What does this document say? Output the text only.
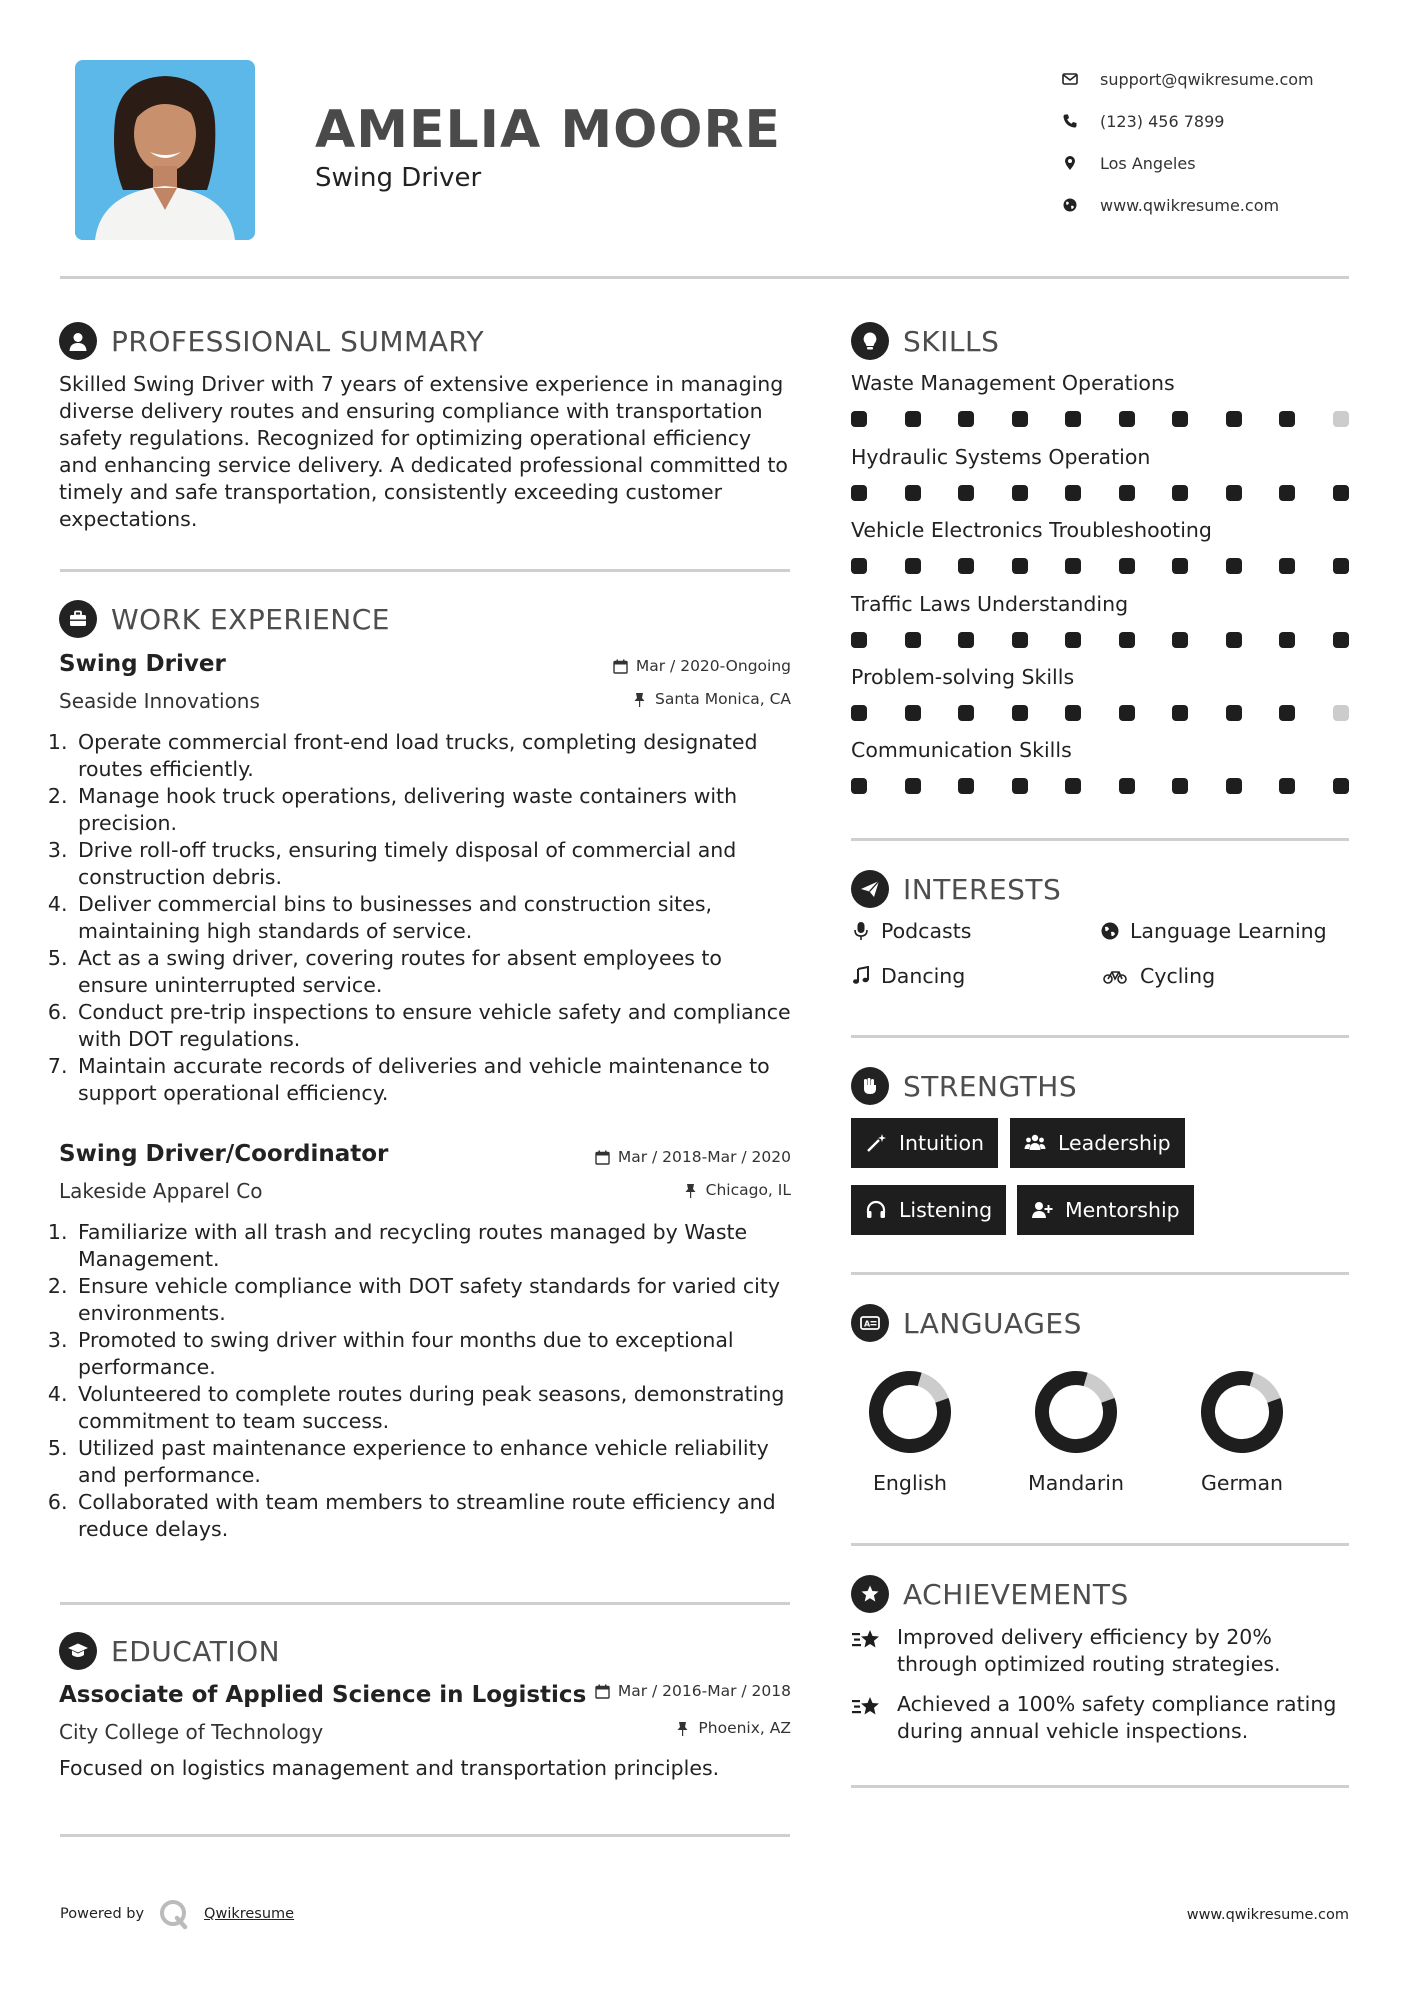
AMELIA MOORE
Swing Driver
support@qwikresume.com
(123) 456 7899
Los Angeles
www.qwikresume.com
PROFESSIONAL SUMMARY
Skilled Swing Driver with 7 years of extensive experience in managing diverse delivery routes and ensuring compliance with transportation safety regulations. Recognized for optimizing operational efficiency and enhancing service delivery. A dedicated professional committed to timely and safe transportation, consistently exceeding customer expectations.
WORK EXPERIENCE
Swing Driver	Mar / 2020-Ongoing
Seaside Innovations	Santa Monica, CA
1. Operate commercial front-end load trucks, completing designated routes efficiently.
2. Manage hook truck operations, delivering waste containers with precision.
3. Drive roll-off trucks, ensuring timely disposal of commercial and construction debris.
4. Deliver commercial bins to businesses and construction sites, maintaining high standards of service.
5. Act as a swing driver, covering routes for absent employees to ensure uninterrupted service.
6. Conduct pre-trip inspections to ensure vehicle safety and compliance with DOT regulations.
7. Maintain accurate records of deliveries and vehicle maintenance to support operational efficiency.
Swing Driver/Coordinator	Mar / 2018-Mar / 2020
Lakeside Apparel Co	Chicago, IL
1. Familiarize with all trash and recycling routes managed by Waste Management.
2. Ensure vehicle compliance with DOT safety standards for varied city environments.
3. Promoted to swing driver within four months due to exceptional performance.
4. Volunteered to complete routes during peak seasons, demonstrating commitment to team success.
5. Utilized past maintenance experience to enhance vehicle reliability and performance.
6. Collaborated with team members to streamline route efficiency and reduce delays.
EDUCATION
Associate of Applied Science in Logistics Mar / 2016-Mar / 2018
City College of Technology	Phoenix, AZ
Focused on logistics management and transportation principles.
SKILLS
Waste Management Operations
Hydraulic Systems Operation
Vehicle Electronics Troubleshooting
Traffic Laws Understanding
Problem-solving Skills
Communication Skills
INTERESTS
Podcasts	Language Learning
Dancing	Cycling
STRENGTHS
Intuition	Leadership
Listening	Mentorship
A LANGUAGES
English	Mandarin	German
ACHIEVEMENTS
Improved delivery efficiency by 20% through optimized routing strategies.
Achieved a 100% safety compliance rating during annual vehicle inspections.
Powered by	Qwikresume	www.qwikresume.com
